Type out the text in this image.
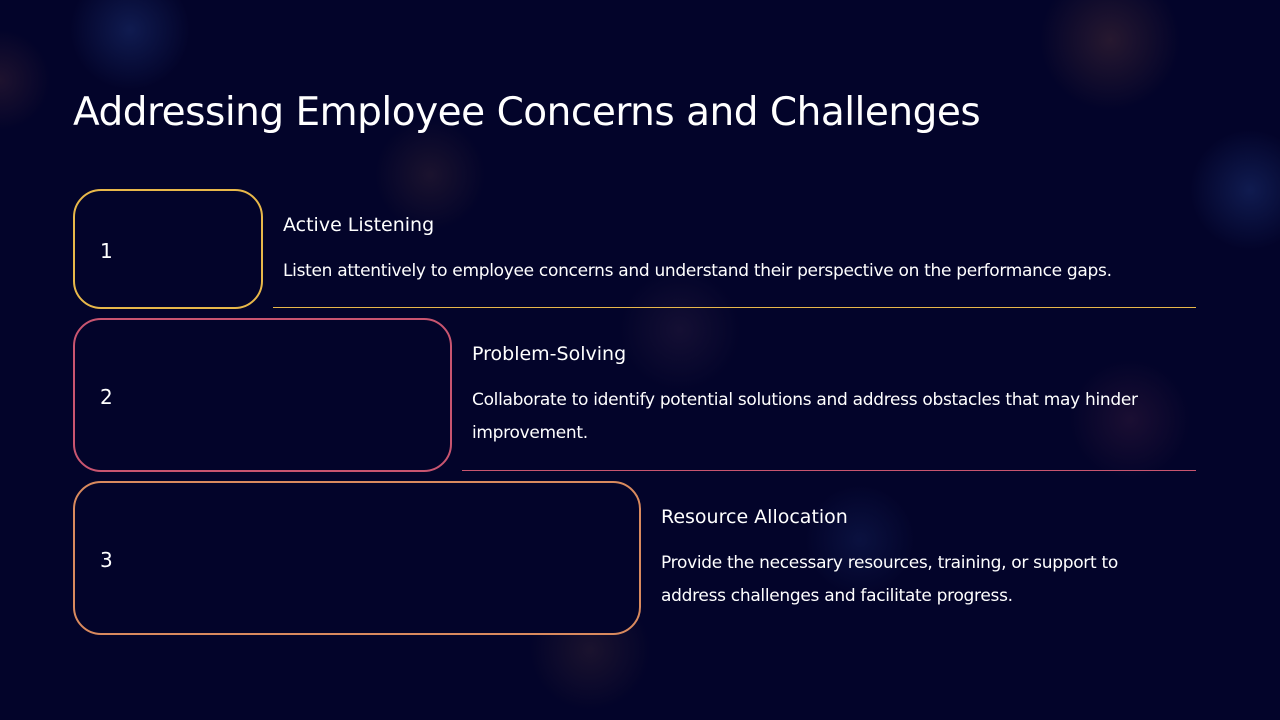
Addressing Employee Concerns and Challenges
1
Active Listening

Listen attentively to employee concerns and understand their perspective on the performance gaps.

2
Problem-Solving

Collaborate to identify potential solutions and address obstacles that may hinder improvement.

3
Resource Allocation

Provide the necessary resources, training, or support to address challenges and facilitate progress.
